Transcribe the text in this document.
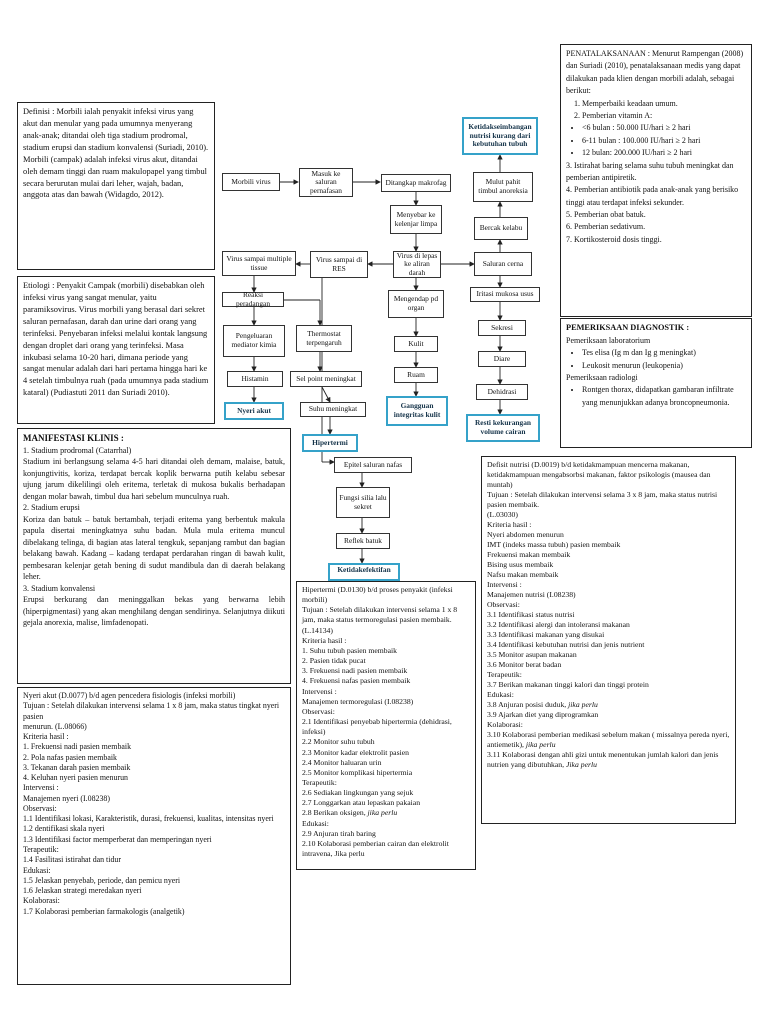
Definisi : Morbili ialah penyakit infeksi virus yang akut dan menular yang pada umumnya menyerang anak-anak; ditandai oleh tiga stadium prodromal, stadium erupsi dan stadium konvalensi (Suriadi, 2010). Morbili (campak) adalah infeksi virus akut, ditandai oleh demam tinggi dan ruam makulopapel yang timbul secara berurutan mulai dari leher, wajah, badan, anggota atas dan bawah (Widagdo, 2012).

Etiologi : Penyakit Campak (morbili) disebabkan oleh infeksi virus yang sangat menular, yaitu paramiksovirus. Virus morbili yang berasal dari sekret saluran pernafasan, darah dan urine dari orang yang terinfeksi. Penyebaran infeksi melalui kontak langsung dengan droplet dari orang yang terinfeksi. Masa inkubasi selama 10-20 hari, dimana periode yang sangat menular adalah dari hari pertama hingga hari ke 4 setelah timbulnya ruah (pada umumnya pada stadium kataral) (Pudiastuti 2011 dan Suriadi 2010).

MANIFESTASI KLINIS :

1. Stadium prodromal (Catarrhal)

Stadium ini berlangsung selama 4-5 hari ditandai oleh demam, malaise, batuk, konjungtivitis, koriza, terdapat bercak koplik berwarna putih kelabu sebesar ujung jarum dikelilingi oleh eritema, terletak di mukosa bukalis berhadapan dengan molar bawah, timbul dua hari sebelum munculnya ruah.

2. Stadium erupsi

Koriza dan batuk – batuk bertambah, terjadi eritema yang berbentuk makula papula disertai meningkatnya suhu badan. Mula mula eritema muncul dibelakang telinga, di bagian atas lateral tengkuk, sepanjang rambut dan bagian belakang bawah. Kadang – kadang terdapat perdarahan ringan di bawah kulit, pembesaran kelenjar getah bening di sudut mandibula dan di daerah belakang leher.

3. Stadium konvalensi

Erupsi berkurang dan meninggalkan bekas yang berwarna lebih (hiperpigmentasi) yang akan menghilang dengan sendirinya. Selanjutnya diikuti gejala anorexia, malise, limfadenopati.

Nyeri akut (D.0077) b/d agen pencedera fisiologis (infeksi morbili)

Tujuan : Setelah dilakukan intervensi selama 1 x 8 jam, maka status tingkat nyeri pasien

menurun. (L.08066)

Kriteria hasil :

1. Frekuensi nadi pasien membaik

2. Pola nafas pasien membaik

3. Tekanan darah pasien membaik

4. Keluhan nyeri pasien menurun

Intervensi :

Manajemen nyeri (I.08238)

Observasi:

1.1 Identifikasi lokasi, Karakteristik, durasi, frekuensi, kualitas, intensitas nyeri

1.2 dentifikasi skala nyeri

1.3 Identifikasi factor memperberat dan memperingan nyeri

Terapeutik:

1.4 Fasilitasi istirahat dan tidur

Edukasi:

1.5 Jelaskan penyebab, periode, dan pemicu nyeri

1.6 Jelaskan strategi meredakan nyeri

Kolaborasi:

1.7 Kolaborasi pemberian farmakologis (analgetik)

Hipertermi (D.0130) b/d proses penyakit (infeksi morbili)

Tujuan : Setelah dilakukan intervensi selama 1 x 8 jam, maka status termoregulasi pasien membaik. (L.14134)

Kriteria hasil :

1. Suhu tubuh pasien membaik

2. Pasien tidak pucat

3. Frekuensi nadi pasien membaik

4. Frekuensi nafas pasien membaik

Intervensi :

Manajemen termoregulasi (I.08238)

Observasi:

2.1 Identifikasi penyebab hipertermia (dehidrasi, infeksi)

2.2 Monitor suhu tubuh

2.3 Monitor kadar elektrolit pasien

2.4 Monitor haluaran urin

2.5 Monitor komplikasi hipertermia

Terapeutik:

2.6 Sediakan lingkungan yang sejuk

2.7 Longgarkan atau lepaskan pakaian

2.8 Berikan oksigen, jika perlu

Edukasi:

2.9 Anjuran tirah baring

2.10 Kolaborasi pemberian cairan dan elektrolit intravena, Jika perlu

PENATALAKSANAAN : Menurut Rampengan (2008) dan Suriadi (2010), penatalaksanaan medis yang dapat dilakukan pada klien dengan morbili adalah, sebagai berikut:

1. Memperbaiki keadaan umum.

2. Pemberian vitamin A:

• <6 bulan : 50.000 IU/hari ≥ 2 hari
• 6-11 bulan : 100.000 IU/hari ≥ 2 hari
• 12 bulan: 200.000 IU/hari ≥ 2 hari

3. Istirahat baring selama suhu tubuh meningkat dan pemberian antipiretik.

4. Pemberian antibiotik pada anak-anak yang berisiko tinggi atau terdapat infeksi sekunder.

5. Pemberian obat batuk.

6. Pemberian sedativum.

7. Kortikosteroid dosis tinggi.

PEMERIKSAAN DIAGNOSTIK :

Pemeriksaan laboratorium

• Tes elisa (Ig m dan Ig g meningkat)
• Leukosit menurun (leukopenia)

Pemeriksaan radiologi

• Rontgen thorax, didapatkan gambaran infiltrate yang menunjukkan adanya broncopneumonia.

Defisit nutrisi (D.0019) b/d ketidakmampuan mencerna makanan, ketidakmampuan mengabsorbsi makanan, faktor psikologis (mausea dan muntah)

Tujuan : Setelah dilakukan intervensi selama 3 x 8 jam, maka status nutrisi pasien membaik.

(L.03030)

Kriteria hasil :

Nyeri abdomen menurun

IMT (indeks massa tubuh) pasien membaik

Frekuensi makan membaik

Bising usus membaik

Nafsu makan membaik

Intervensi :

Manajemen nutrisi (I.08238)

Observasi:

3.1 Identifikasi status nutrisi

3.2 Identifikasi alergi dan intoleransi makanan

3.3 Identifikasi makanan yang disukai

3.4 Identifikasi kebutuhan nutrisi dan jenis nutrient

3.5 Monitor asupan makanan

3.6 Monitor berat badan

Terapeutik:

3.7 Berikan makanan tinggi kalori dan tinggi protein

Edukasi:

3.8 Anjuran posisi duduk, jika perlu

3.9 Ajarkan diet yang diprogramkan

Kolaborasi:

3.10 Kolaborasi pemberian medikasi sebelum makan ( missalnya pereda nyeri, antiemetik), jika perlu

3.11 Kolaborasi dengan ahli gizi untuk menentukan jumlah kalori dan jenis nutrien yang dibutuhkan, Jika perlu

Morbili virus
Masuk ke saluran pernafasan
Ditangkap makrofag
Menyebar ke kelenjar limpa
Virus di lepas ke aliran darah
Virus sampai di RES
Virus sampai multiple tissue
Reaksi peradangan
Pengeluaran mediator kimia
Thermostat terpengaruh
Histamin	Sel point meningkat
Nyeri akut	Suhu meningkat
Hipertermi
Mengendap pd organ
Kulit
Ruam
Gangguan integritas kulit
Ketidakseimbangan nutrisi kurang dari kebutuhan tubuh
Mulut pahit timbul anoreksia
Bercak kelabu
Saluran cerna
Iritasi mukosa usus
Sekresi
Diare
Dehidrasi
Resti kekurangan volume cairan
Epitel saluran nafas
Fungsi silia lalu sekret
Reflek batuk
Ketidakefektifan
